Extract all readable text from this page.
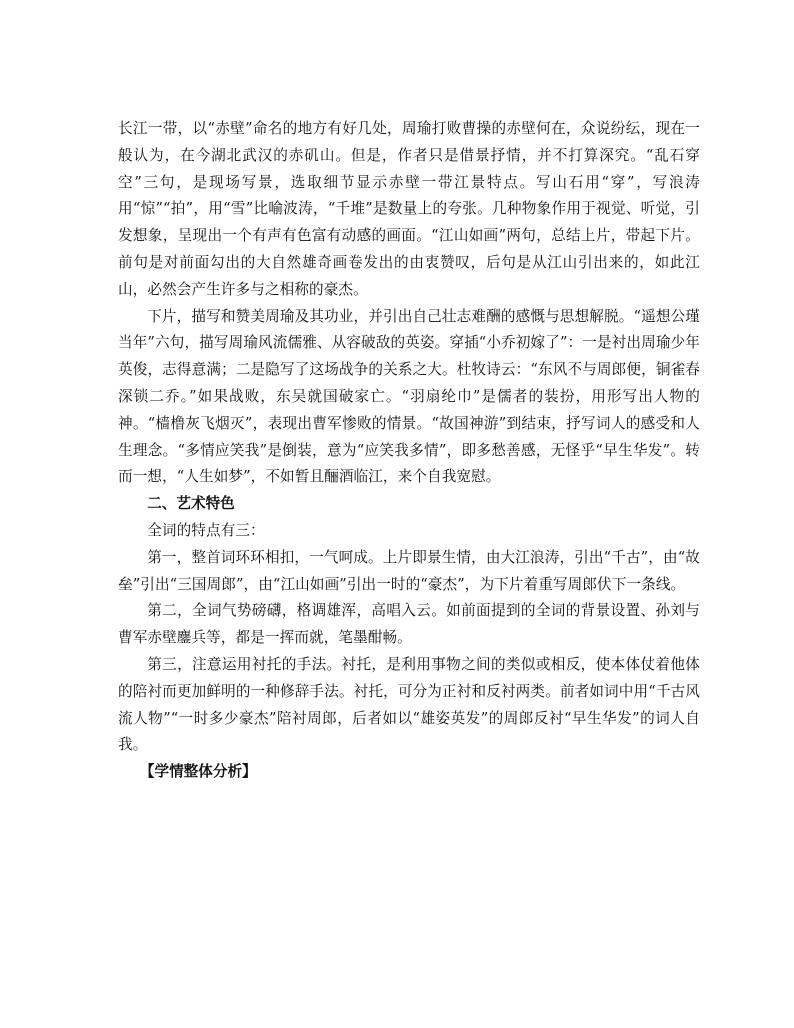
长江一带，以“赤壁”命名的地方有好几处，周瑜打败曹操的赤壁何在，众说纷纭，现在一般认为，在今湖北武汉的赤矶山。但是，作者只是借景抒情，并不打算深究。“乱石穿空”三句，是现场写景，选取细节显示赤壁一带江景特点。写山石用“穿”，写浪涛用“惊”“拍”，用“雪”比喻波涛，“千堆”是数量上的夸张。几种物象作用于视觉、听觉，引发想象，呈现出一个有声有色富有动感的画面。“江山如画”两句，总结上片，带起下片。前句是对前面勾出的大自然雄奇画卷发出的由衷赞叹，后句是从江山引出来的，如此江山，必然会产生许多与之相称的豪杰。

下片，描写和赞美周瑜及其功业，并引出自己壮志难酬的感慨与思想解脱。“遥想公瑾当年”六句，描写周瑜风流儒雅、从容破敌的英姿。穿插“小乔初嫁了”：一是衬出周瑜少年英俊，志得意满；二是隐写了这场战争的关系之大。杜牧诗云：“东风不与周郎便，铜雀春深锁二乔。”如果战败，东吴就国破家亡。“羽扇纶巾”是儒者的装扮，用形写出人物的神。“樯橹灰飞烟灭”，表现出曹军惨败的情景。“故国神游”到结束，抒写词人的感受和人生理念。“多情应笑我”是倒装，意为“应笑我多情”，即多愁善感，无怪乎“早生华发”。转而一想，“人生如梦”，不如暂且酾酒临江，来个自我宽慰。

二、艺术特色

全词的特点有三：

第一，整首词环环相扣，一气呵成。上片即景生情，由大江浪涛，引出“千古”，由“故垒”引出“三国周郎”，由“江山如画”引出一时的“豪杰”，为下片着重写周郎伏下一条线。

第二，全词气势磅礴，格调雄浑，高唱入云。如前面提到的全词的背景设置、孙刘与曹军赤壁鏖兵等，都是一挥而就，笔墨酣畅。

第三，注意运用衬托的手法。衬托，是利用事物之间的类似或相反，使本体仗着他体的陪衬而更加鲜明的一种修辞手法。衬托，可分为正衬和反衬两类。前者如词中用“千古风流人物”“一时多少豪杰”陪衬周郎，后者如以“雄姿英发”的周郎反衬“早生华发”的词人自我。

【学情整体分析】
